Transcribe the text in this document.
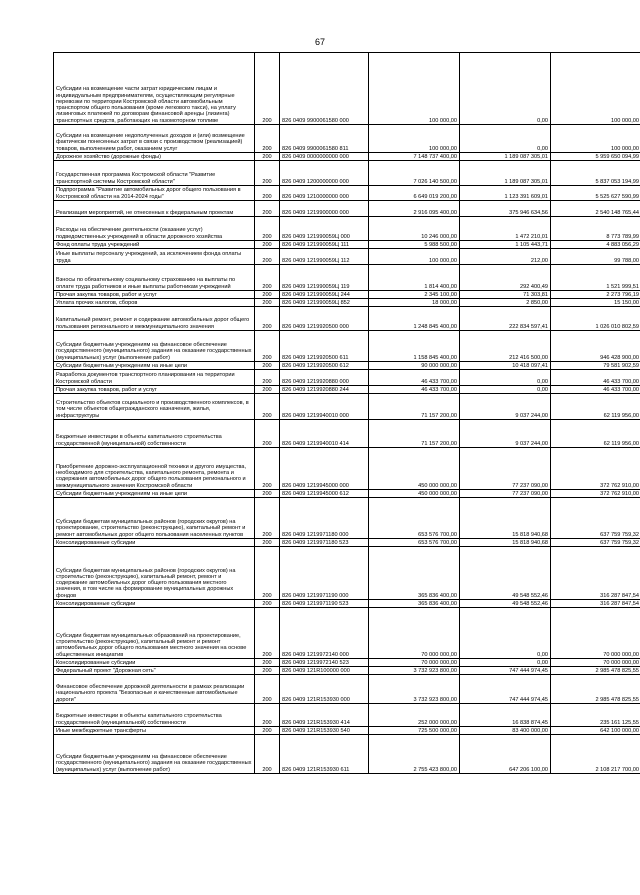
67
Субсидии на возмещение части затрат юридическим лицам и индивидуальным предпринимателям, осуществляющим регулярные перевозки по территории Костромской области автомобильным транспортом общего пользования (кроме легкового такси), на уплату лизинговых платежей по договорам финансовой аренды (лизинга) транспортных средств, работающих на газомоторном топливе	200	826 0409 9900061580 000	100 000,00	0,00	100 000,00
Субсидии на возмещение недополученных доходов и (или) возмещение фактически понесенных затрат в связи с производством (реализацией) товаров, выполнением работ, оказанием услуг	200	826 0409 9900061580 811	100 000,00	0,00	100 000,00
Дорожное хозяйство (дорожные фонды)	200	826 0409 0000000000 000	7 148 737 400,00	1 189 087 305,01	5 959 650 094,99
Государственная программа Костромской области "Развитие транспортной системы Костромской области"	200	826 0409 1200000000 000	7 026 140 500,00	1 189 087 305,01	5 837 053 194,99
Подпрограмма "Развитие автомобильных дорог общего пользования в Костромской области на 2014-2024 годы"	200	826 0409 1210000000 000	6 649 019 200,00	1 123 391 609,01	5 525 627 590,99
Реализация мероприятий, не отнесенных к федеральным проектам	200	826 0409 1219900000 000	2 916 095 400,00	375 946 634,56	2 540 148 765,44
Расходы на обеспечение деятельности (оказание услуг) подведомственных учреждений в области дорожного хозяйства	200	826 0409 121990059Ц 000	10 246 000,00	1 472 210,01	8 773 789,99
Фонд оплаты труда учреждений	200	826 0409 121990059Ц 111	5 988 500,00	1 105 443,71	4 883 056,29
Иные выплаты персоналу учреждений, за исключением фонда оплаты труда	200	826 0409 121990059Ц 112	100 000,00	212,00	99 788,00
Взносы по обязательному социальному страхованию на выплаты по оплате труда работников и иные выплаты работникам учреждений	200	826 0409 121990059Ц 119	1 814 400,00	292 400,49	1 521 999,51
Прочая закупка товаров, работ и услуг	200	826 0409 121990059Ц 244	2 345 100,00	71 303,81	2 273 796,19
Уплата прочих налогов, сборов	200	826 0409 121990059Ц 852	18 000,00	2 850,00	15 150,00
Капитальный ремонт, ремонт и содержание автомобильных дорог общего пользования регионального и межмуниципального значения	200	826 0409 1219920500 000	1 248 845 400,00	222 834 597,41	1 026 010 802,59
Субсидии бюджетным учреждениям на финансовое обеспечение государственного (муниципального) задания на оказание государственных (муниципальных) услуг (выполнение работ)	200	826 0409 1219920500 611	1 158 845 400,00	212 416 500,00	946 428 900,00
Субсидии бюджетным учреждениям на иные цели	200	826 0409 1219920500 612	90 000 000,00	10 418 097,41	79 581 902,59
Разработка документов транспортного планирования на территории Костромской области	200	826 0409 1219920880 000	46 433 700,00	0,00	46 433 700,00
Прочая закупка товаров, работ и услуг	200	826 0409 1219920880 244	46 433 700,00	0,00	46 433 700,00
Строительство объектов социального и производственного комплексов, в том числе объектов общегражданского назначения, жилья, инфраструктуры	200	826 0409 1219940010 000	71 157 200,00	9 037 244,00	62 119 956,00
Бюджетные инвестиции в объекты капитального строительства государственной (муниципальной) собственности	200	826 0409 1219940010 414	71 157 200,00	9 037 244,00	62 119 956,00
Приобретение дорожно-эксплуатационной техники и другого имущества, необходимого для строительства, капитального ремонта, ремонта и содержания автомобильных дорог общего пользования регионального и межмуниципального значения Костромской области	200	826 0409 1219945000 000	450 000 000,00	77 237 090,00	372 762 910,00
Субсидии бюджетным учреждениям на иные цели	200	826 0409 1219945000 612	450 000 000,00	77 237 090,00	372 762 910,00
Субсидии бюджетам муниципальных районов (городских округов) на проектирование, строительство (реконструкцию), капитальный ремонт и ремонт автомобильных дорог общего пользования населенных пунктов	200	826 0409 1219971180 000	653 576 700,00	15 818 940,68	637 759 759,32
Консолидированные субсидии	200	826 0409 1219971180 523	653 576 700,00	15 818 940,68	637 759 759,32
Субсидии бюджетам муниципальных районов (городских округов) на строительство (реконструкцию), капитальный ремонт, ремонт и содержание автомобильных дорог общего пользования местного значения, в том числе на формирование муниципальных дорожных фондов	200	826 0409 1219971190 000	365 836 400,00	49 548 552,46	316 287 847,54
Консолидированные субсидии	200	826 0409 1219971190 523	365 836 400,00	49 548 552,46	316 287 847,54
Субсидии бюджетам муниципальных образований на проектирование, строительство (реконструкцию), капитальный ремонт и ремонт автомобильных дорог общего пользования местного значения на основе общественных инициатив	200	826 0409 1219972140 000	70 000 000,00	0,00	70 000 000,00
Консолидированные субсидии	200	826 0409 1219972140 523	70 000 000,00	0,00	70 000 000,00
Федеральный проект "Дорожная сеть"	200	826 0409 121R100000 000	3 732 923 800,00	747 444 974,45	2 985 478 825,55
Финансовое обеспечение дорожной деятельности в рамках реализации национального проекта "Безопасные и качественные автомобильные дороги"	200	826 0409 121R153930 000	3 732 923 800,00	747 444 974,45	2 985 478 825,55
Бюджетные инвестиции в объекты капитального строительства государственной (муниципальной) собственности	200	826 0409 121R153930 414	252 000 000,00	16 838 874,45	235 161 125,55
Иные межбюджетные трансферты	200	826 0409 121R153930 540	725 500 000,00	83 400 000,00	642 100 000,00
Субсидии бюджетным учреждениям на финансовое обеспечение государственного (муниципального) задания на оказание государственных (муниципальных) услуг (выполнение работ)	200	826 0409 121R153930 611	2 755 423 800,00	647 206 100,00	2 108 217 700,00
